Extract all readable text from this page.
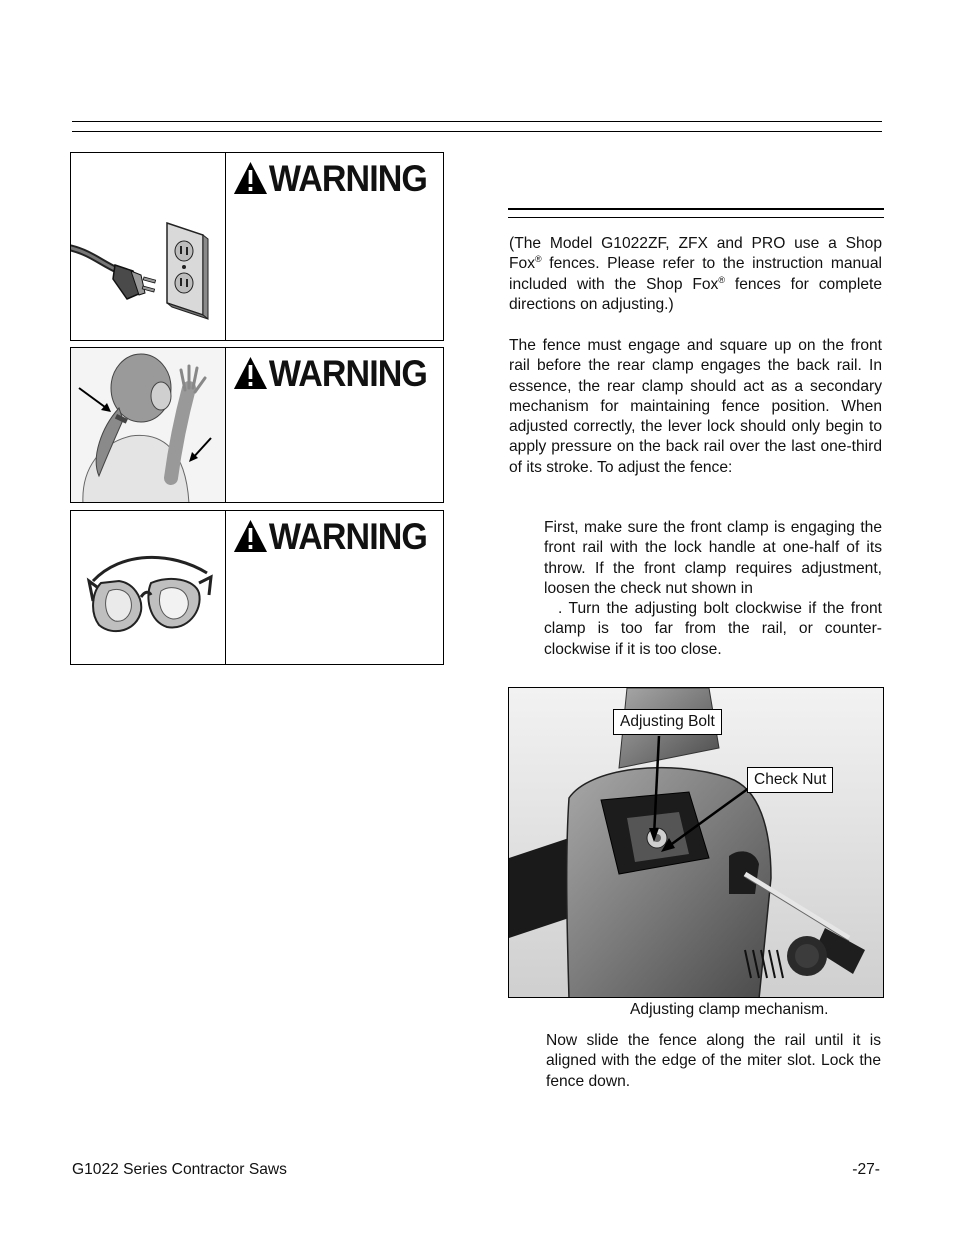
WARNING
WARNING
WARNING

(The Model G1022ZF, ZFX and PRO use a Shop Fox® fences. Please refer to the instruction manual included with the Shop Fox® fences for complete directions on adjusting.)

The fence must engage and square up on the front rail before the rear clamp engages the back rail. In essence, the rear clamp should act as a secondary mechanism for maintaining fence position. When adjusted correctly, the lever lock should only begin to apply pressure on the back rail over the last one-third of its stroke. To adjust the fence:

First, make sure the front clamp is engaging the front rail with the lock handle at one-half of its throw. If the front clamp requires adjustment, loosen the check nut shown in
. Turn the adjusting bolt clockwise if the front clamp is too far from the rail, or counter-clockwise if it is too close.

Adjusting Bolt
Check Nut
Adjusting clamp mechanism.

Now slide the fence along the rail until it is aligned with the edge of the miter slot. Lock the fence down.

G1022 Series Contractor Saws	-27-
